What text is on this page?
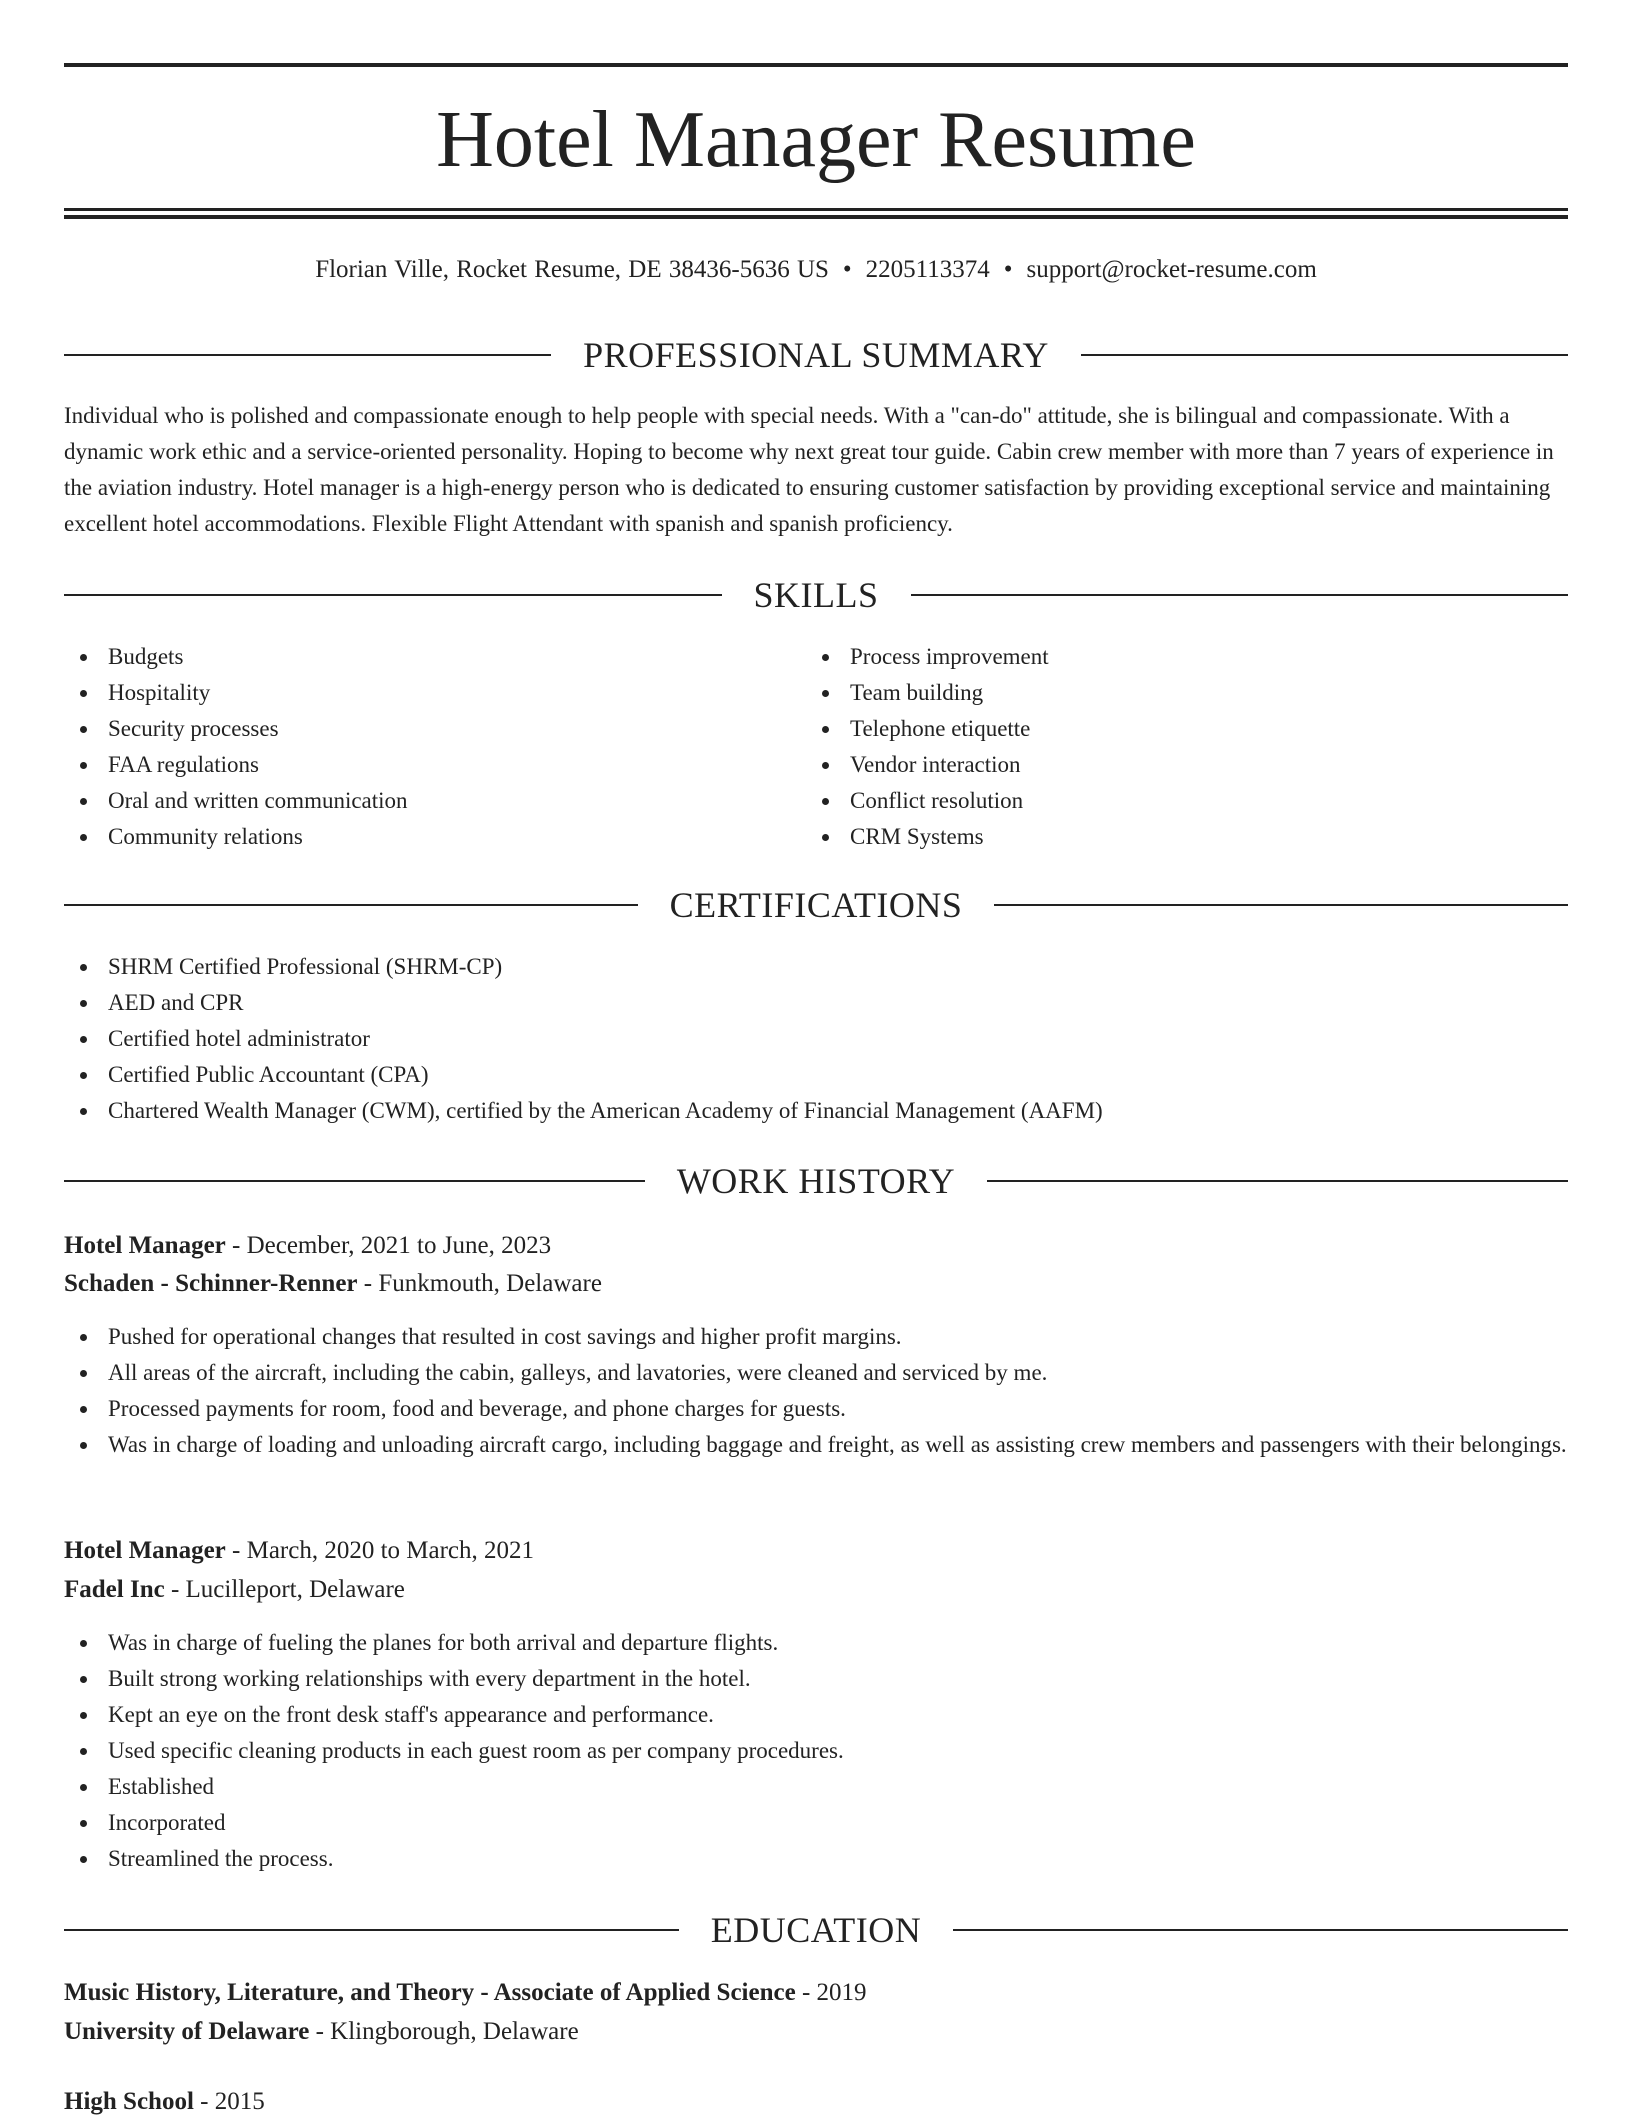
Hotel Manager Resume
Florian Ville, Rocket Resume, DE 38436-5636 US • 2205113374 • support@rocket-resume.com
PROFESSIONAL SUMMARY
Individual who is polished and compassionate enough to help people with special needs. With a "can-do" attitude, she is bilingual and compassionate. With a dynamic work ethic and a service-oriented personality. Hoping to become why next great tour guide. Cabin crew member with more than 7 years of experience in the aviation industry. Hotel manager is a high-energy person who is dedicated to ensuring customer satisfaction by providing exceptional service and maintaining excellent hotel accommodations. Flexible Flight Attendant with spanish and spanish proficiency.
SKILLS
Budgets
Hospitality
Security processes
FAA regulations
Oral and written communication
Community relations
Process improvement
Team building
Telephone etiquette
Vendor interaction
Conflict resolution
CRM Systems
CERTIFICATIONS
SHRM Certified Professional (SHRM-CP)
AED and CPR
Certified hotel administrator
Certified Public Accountant (CPA)
Chartered Wealth Manager (CWM), certified by the American Academy of Financial Management (AAFM)
WORK HISTORY
Hotel Manager - December, 2021 to June, 2023
Schaden - Schinner-Renner - Funkmouth, Delaware
Pushed for operational changes that resulted in cost savings and higher profit margins.
All areas of the aircraft, including the cabin, galleys, and lavatories, were cleaned and serviced by me.
Processed payments for room, food and beverage, and phone charges for guests.
Was in charge of loading and unloading aircraft cargo, including baggage and freight, as well as assisting crew members and passengers with their belongings.
Hotel Manager - March, 2020 to March, 2021
Fadel Inc - Lucilleport, Delaware
Was in charge of fueling the planes for both arrival and departure flights.
Built strong working relationships with every department in the hotel.
Kept an eye on the front desk staff's appearance and performance.
Used specific cleaning products in each guest room as per company procedures.
Established
Incorporated
Streamlined the process.
EDUCATION
Music History, Literature, and Theory - Associate of Applied Science - 2019
University of Delaware - Klingborough, Delaware
High School - 2015
